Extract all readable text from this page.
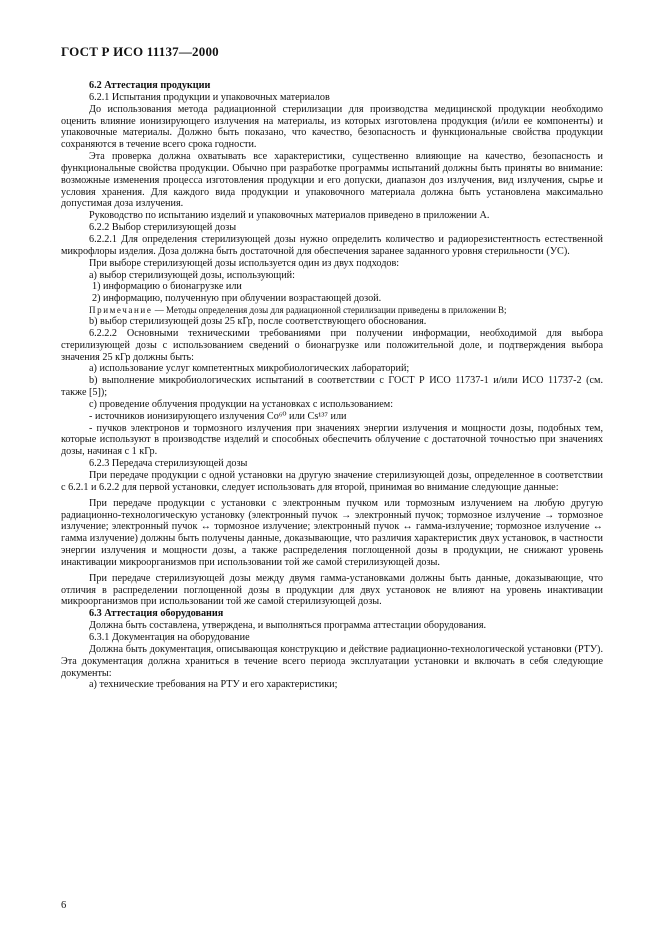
ГОСТ Р ИСО 11137—2000

6.2 Аттестация продукции

6.2.1 Испытания продукции и упаковочных материалов

До использования метода радиационной стерилизации для производства медицинской продукции необходимо оценить влияние ионизирующего излучения на материалы, из которых изготовлена продукция (и/или ее компоненты) и упаковочные материалы. Должно быть показано, что качество, безопасность и функциональные свойства продукции сохраняются в течение всего срока годности.

Эта проверка должна охватывать все характеристики, существенно влияющие на качество, безопасность и функциональные свойства продукции. Обычно при разработке программы испытаний должны быть приняты во внимание: возможные изменения процесса изготовления продукции и его допуски, диапазон доз излучения, вид излучения, сырье и условия хранения. Для каждого вида продукции и упаковочного материала должна быть установлена максимально допустимая доза излучения.

Руководство по испытанию изделий и упаковочных материалов приведено в приложении А.

6.2.2 Выбор стерилизующей дозы

6.2.2.1 Для определения стерилизующей дозы нужно определить количество и радиорезистентность естественной микрофлоры изделия. Доза должна быть достаточной для обеспечения заранее заданного уровня стерильности (УС).

При выборе стерилизующей дозы используется один из двух подходов:

a) выбор стерилизующей дозы, использующий:

1) информацию о бионагрузке или

2) информацию, полученную при облучении возрастающей дозой.

Примечание — Методы определения дозы для радиационной стерилизации приведены в приложении В;

b) выбор стерилизующей дозы 25 кГр, после соответствующего обоснования.

6.2.2.2 Основными техническими требованиями при получении информации, необходимой для выбора стерилизующей дозы с использованием сведений о бионагрузке или положительной доле, и подтверждения выбора значения 25 кГр должны быть:

a) использование услуг компетентных микробиологических лабораторий;

b) выполнение микробиологических испытаний в соответствии с ГОСТ Р ИСО 11737-1 и/или ИСО 11737-2 (см. также [5]);

c) проведение облучения продукции на установках с использованием:

- источников ионизирующего излучения Co⁶⁰ или Cs¹³⁷ или

- пучков электронов и тормозного излучения при значениях энергии излучения и мощности дозы, подобных тем, которые используют в производстве изделий и способных обеспечить облучение с достаточной точностью при значениях дозы, начиная с 1 кГр.

6.2.3 Передача стерилизующей дозы

При передаче продукции с одной установки на другую значение стерилизующей дозы, определенное в соответствии с 6.2.1 и 6.2.2 для первой установки, следует использовать для второй, принимая во внимание следующие данные:

При передаче продукции с установки с электронным пучком или тормозным излучением на любую другую радиационно-технологическую установку (электронный пучок → электронный пучок; тормозное излучение → тормозное излучение; электронный пучок ↔ тормозное излучение; электронный пучок ↔ гамма-излучение; тормозное излучение ↔ гамма излучение) должны быть получены данные, доказывающие, что различия характеристик двух установок, в частности энергии излучения и мощности дозы, а также распределения поглощенной дозы в продукции, не снижают уровень инактивации микроорганизмов при использовании той же самой стерилизующей дозы.

При передаче стерилизующей дозы между двумя гамма-установками должны быть данные, доказывающие, что отличия в распределении поглощенной дозы в продукции для двух установок не влияют на уровень инактивации микроорганизмов при использовании той же самой стерилизующей дозы.

6.3 Аттестация оборудования

Должна быть составлена, утверждена, и выполняться программа аттестации оборудования.

6.3.1 Документация на оборудование

Должна быть документация, описывающая конструкцию и действие радиационно-технологической установки (РТУ). Эта документация должна храниться в течение всего периода эксплуатации установки и включать в себя следующие документы:

a) технические требования на РТУ и его характеристики;

6
